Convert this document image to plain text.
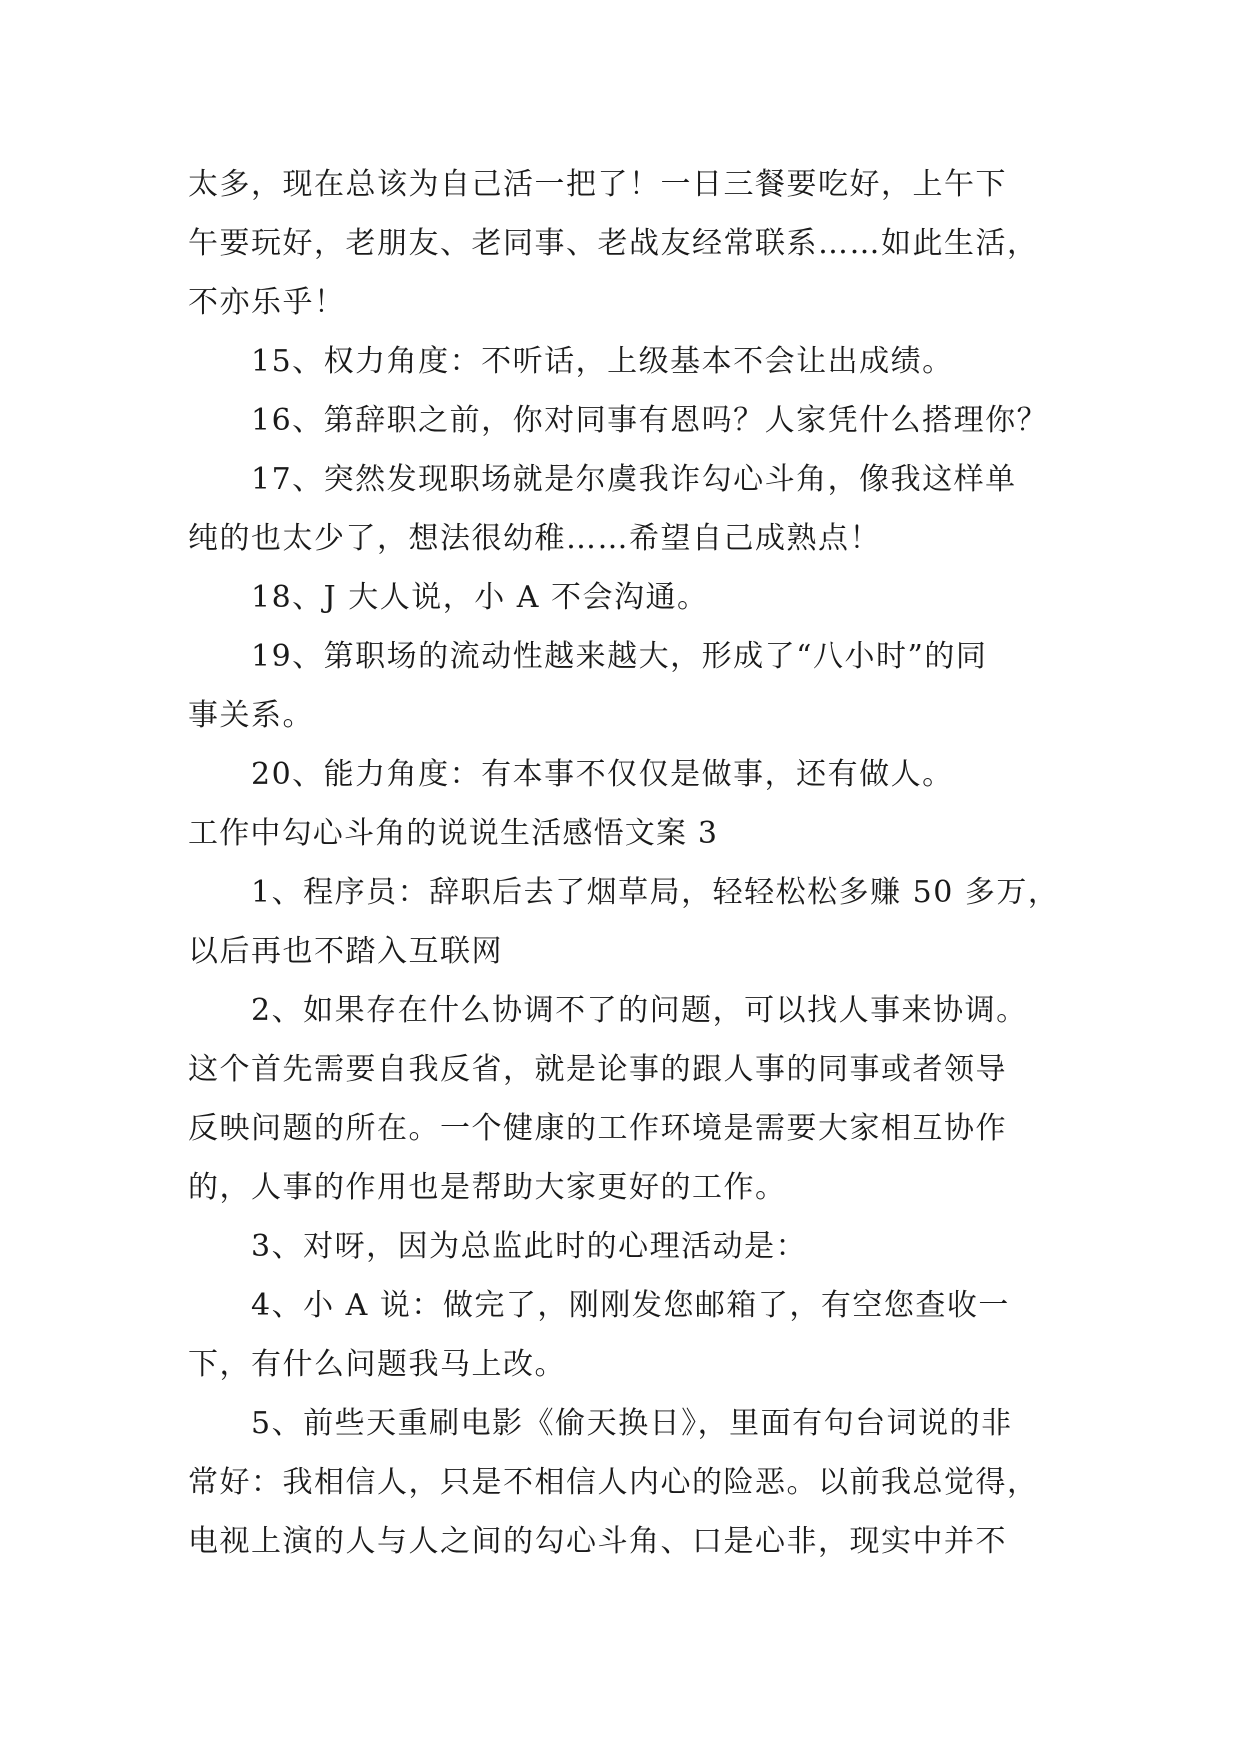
太多，现在总该为自己活一把了！一日三餐要吃好，上午下
午要玩好，老朋友、老同事、老战友经常联系……如此生活，
不亦乐乎！
15、权力角度：不听话，上级基本不会让出成绩。
16、第辞职之前，你对同事有恩吗？人家凭什么搭理你？
17、突然发现职场就是尔虞我诈勾心斗角，像我这样单
纯的也太少了，想法很幼稚……希望自己成熟点！
18、J 大人说，小 A 不会沟通。
19、第职场的流动性越来越大，形成了“八小时”的同
事关系。
20、能力角度：有本事不仅仅是做事，还有做人。
工作中勾心斗角的说说生活感悟文案 3
1、程序员：辞职后去了烟草局，轻轻松松多赚 50 多万，
以后再也不踏入互联网
2、如果存在什么协调不了的问题，可以找人事来协调。
这个首先需要自我反省，就是论事的跟人事的同事或者领导
反映问题的所在。一个健康的工作环境是需要大家相互协作
的，人事的作用也是帮助大家更好的工作。
3、对呀，因为总监此时的心理活动是：
4、小 A 说：做完了，刚刚发您邮箱了，有空您查收一
下，有什么问题我马上改。
5、前些天重刷电影《偷天换日》，里面有句台词说的非
常好：我相信人，只是不相信人内心的险恶。以前我总觉得，
电视上演的人与人之间的勾心斗角、口是心非，现实中并不
